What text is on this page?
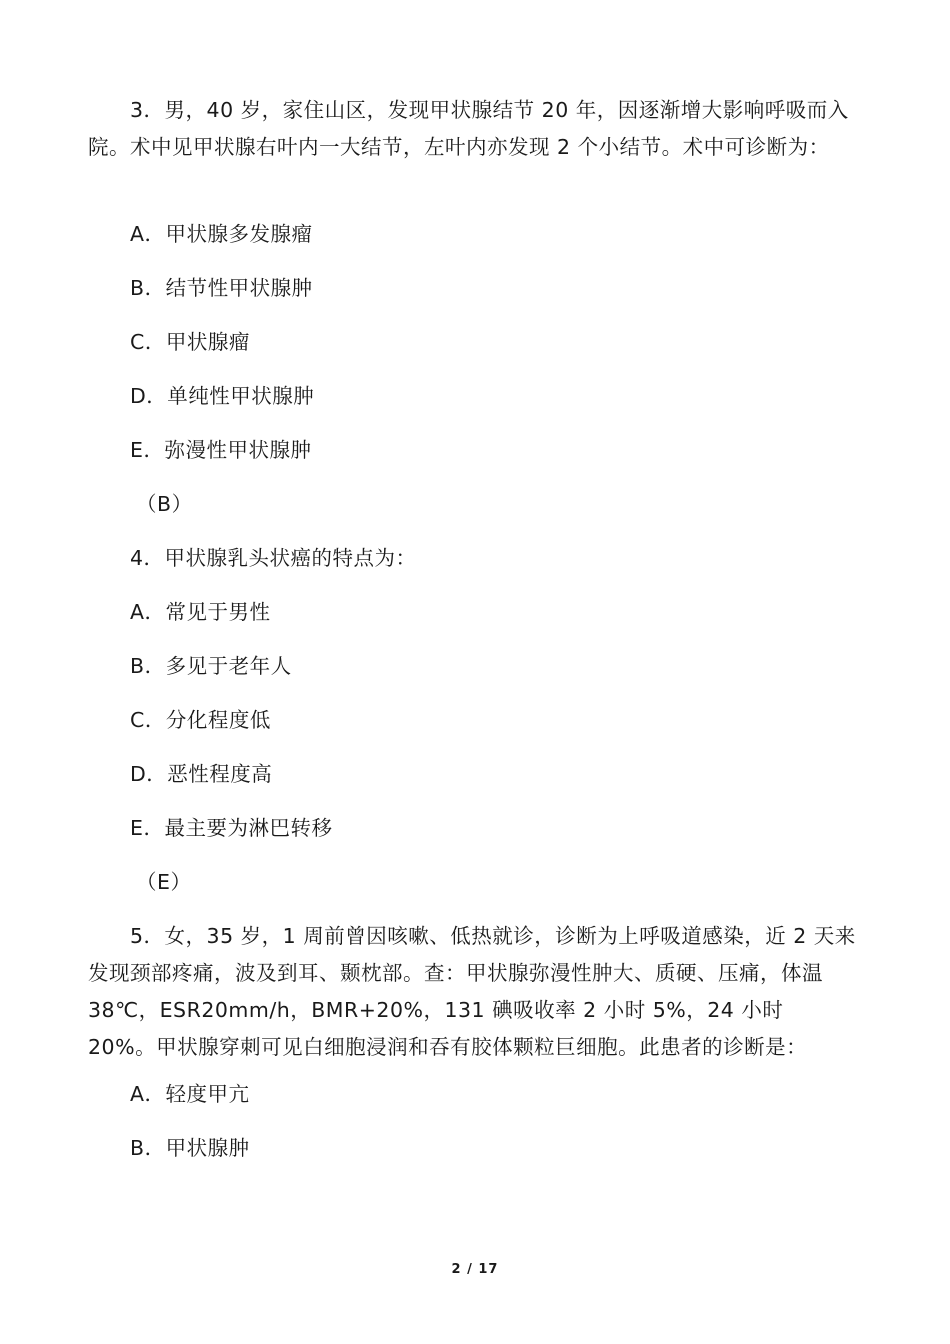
3．男，40 岁，家住山区，发现甲状腺结节 20 年，因逐渐增大影响呼吸而入院。术中见甲状腺右叶内一大结节，左叶内亦发现 2 个小结节。术中可诊断为：

A．甲状腺多发腺瘤

B．结节性甲状腺肿

C．甲状腺瘤

D．单纯性甲状腺肿

E．弥漫性甲状腺肿

（B）

4．甲状腺乳头状癌的特点为：

A．常见于男性

B．多见于老年人

C．分化程度低

D．恶性程度高

E．最主要为淋巴转移

（E）

5．女，35 岁，1 周前曾因咳嗽、低热就诊，诊断为上呼吸道感染，近 2 天来发现颈部疼痛，波及到耳、颞枕部。查：甲状腺弥漫性肿大、质硬、压痛，体温 38℃，ESR20mm/h，BMR+20%，131 碘吸收率 2 小时 5%，24 小时 20%。甲状腺穿刺可见白细胞浸润和吞有胶体颗粒巨细胞。此患者的诊断是：

A．轻度甲亢

B．甲状腺肿

2 / 17
